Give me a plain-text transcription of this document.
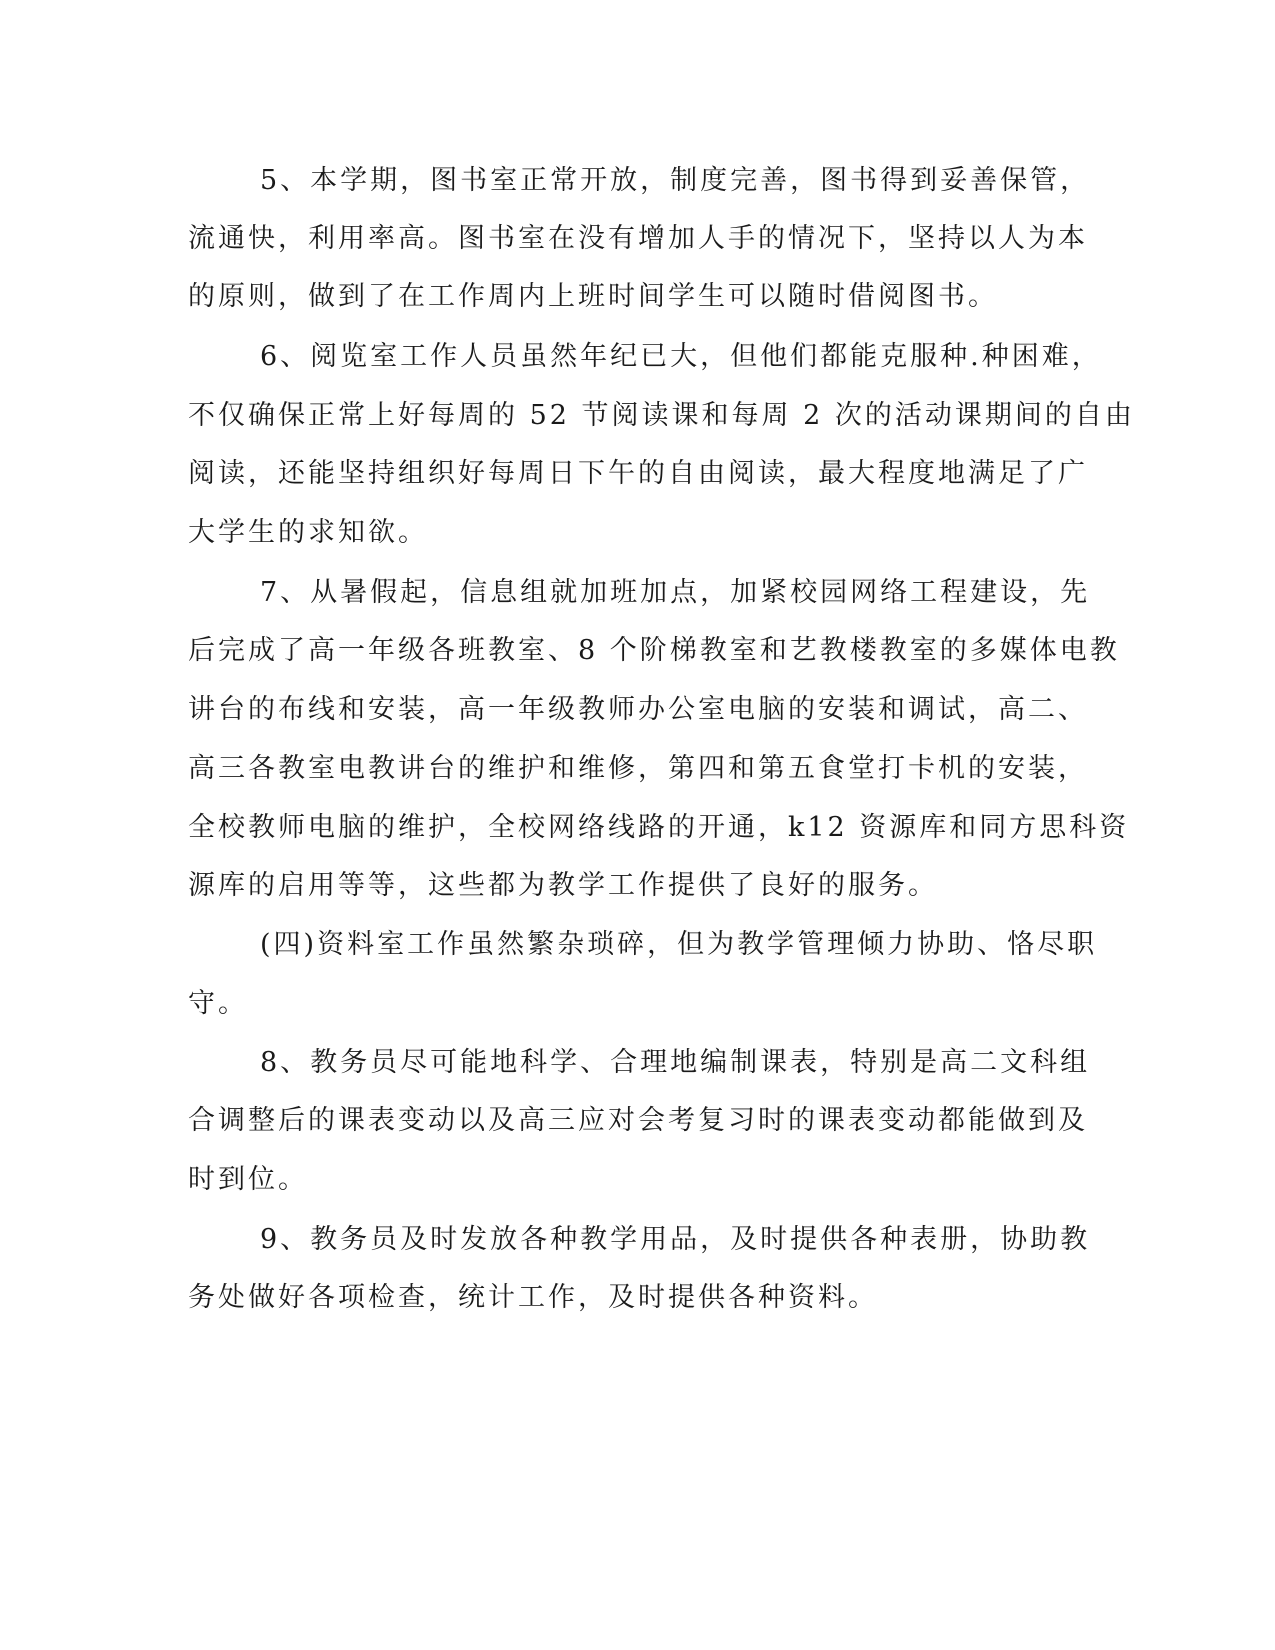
5、本学期，图书室正常开放，制度完善，图书得到妥善保管，

流通快，利用率高。图书室在没有增加人手的情况下，坚持以人为本

的原则，做到了在工作周内上班时间学生可以随时借阅图书。

6、阅览室工作人员虽然年纪已大，但他们都能克服种.种困难，

不仅确保正常上好每周的 52 节阅读课和每周 2 次的活动课期间的自由

阅读，还能坚持组织好每周日下午的自由阅读，最大程度地满足了广

大学生的求知欲。

7、从暑假起，信息组就加班加点，加紧校园网络工程建设，先

后完成了高一年级各班教室、8 个阶梯教室和艺教楼教室的多媒体电教

讲台的布线和安装，高一年级教师办公室电脑的安装和调试，高二、

高三各教室电教讲台的维护和维修，第四和第五食堂打卡机的安装，

全校教师电脑的维护，全校网络线路的开通，k12 资源库和同方思科资

源库的启用等等，这些都为教学工作提供了良好的服务。

(四)资料室工作虽然繁杂琐碎，但为教学管理倾力协助、恪尽职

守。

8、教务员尽可能地科学、合理地编制课表，特别是高二文科组

合调整后的课表变动以及高三应对会考复习时的课表变动都能做到及

时到位。

9、教务员及时发放各种教学用品，及时提供各种表册，协助教

务处做好各项检查，统计工作，及时提供各种资料。
